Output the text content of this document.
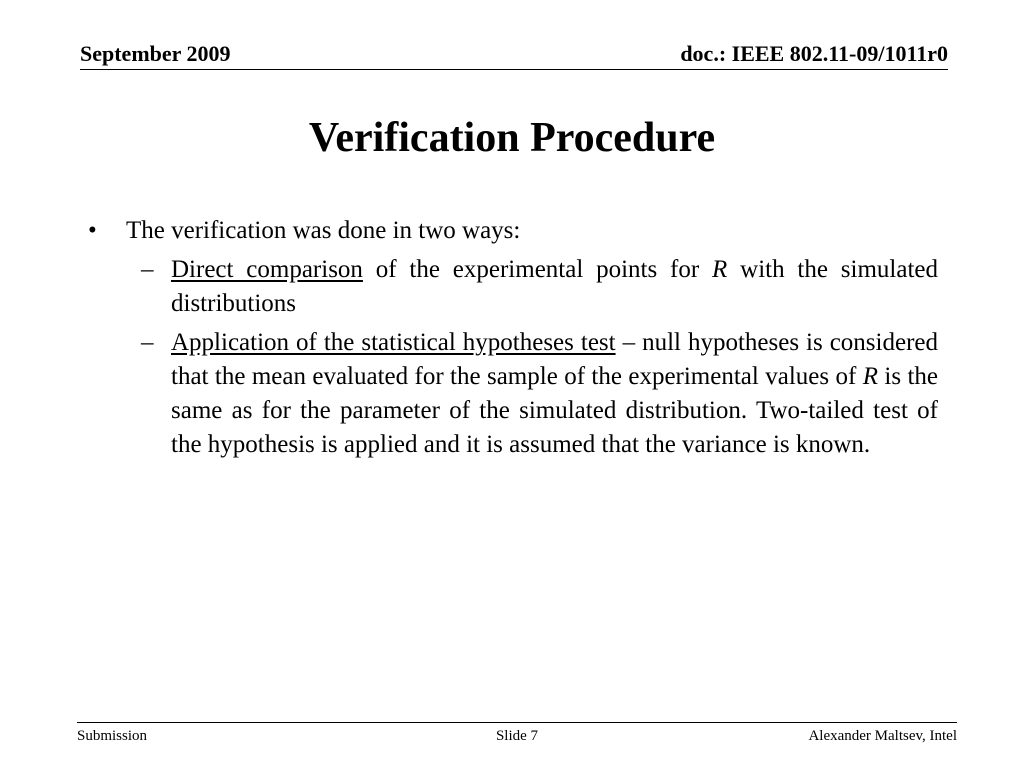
September 2009	doc.: IEEE 802.11-09/1011r0
Verification Procedure
• The verification was done in two ways:
– Direct comparison of the experimental points for R with the simulated distributions
– Application of the statistical hypotheses test – null hypotheses is considered that the mean evaluated for the sample of the experimental values of R is the same as for the parameter of the simulated distribution. Two-tailed test of the hypothesis is applied and it is assumed that the variance is known.
Submission	Slide 7	Alexander Maltsev, Intel
